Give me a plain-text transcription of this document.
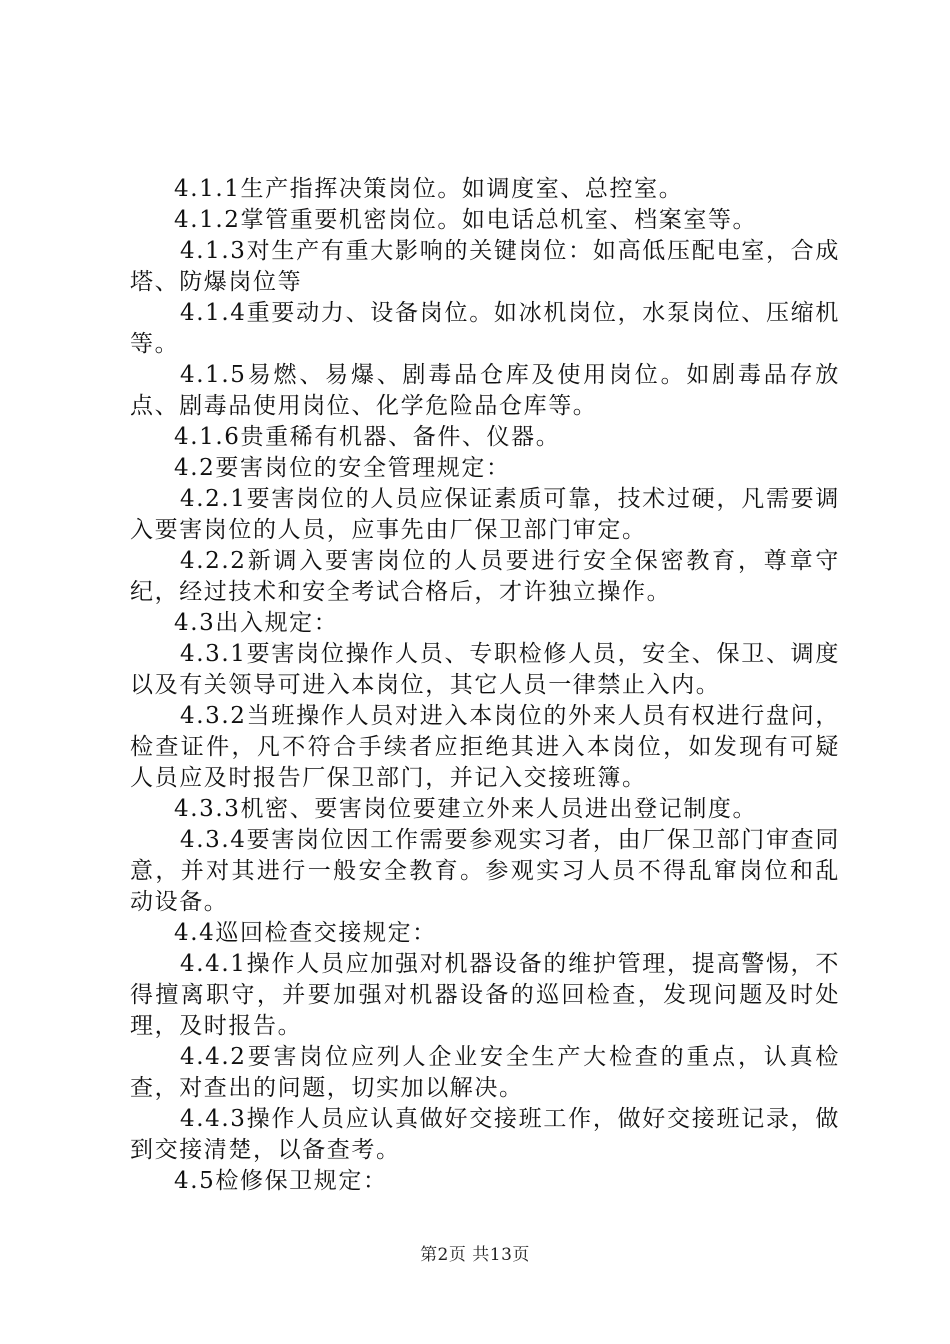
4.1.1生产指挥决策岗位。如调度室、总控室。

4.1.2掌管重要机密岗位。如电话总机室、档案室等。

4.1.3对生产有重大影响的关键岗位：如高低压配电室，合成塔、防爆岗位等

4.1.4重要动力、设备岗位。如冰机岗位，水泵岗位、压缩机等。

4.1.5易燃、易爆、剧毒品仓库及使用岗位。如剧毒品存放点、剧毒品使用岗位、化学危险品仓库等。

4.1.6贵重稀有机器、备件、仪器。

4.2要害岗位的安全管理规定：

4.2.1要害岗位的人员应保证素质可靠，技术过硬，凡需要调入要害岗位的人员，应事先由厂保卫部门审定。

4.2.2新调入要害岗位的人员要进行安全保密教育，尊章守纪，经过技术和安全考试合格后，才许独立操作。

4.3出入规定：

4.3.1要害岗位操作人员、专职检修人员，安全、保卫、调度以及有关领导可进入本岗位，其它人员一律禁止入内。

4.3.2当班操作人员对进入本岗位的外来人员有权进行盘问，检查证件，凡不符合手续者应拒绝其进入本岗位，如发现有可疑人员应及时报告厂保卫部门，并记入交接班簿。

4.3.3机密、要害岗位要建立外来人员进出登记制度。

4.3.4要害岗位因工作需要参观实习者，由厂保卫部门审查同意，并对其进行一般安全教育。参观实习人员不得乱窜岗位和乱动设备。

4.4巡回检查交接规定：

4.4.1操作人员应加强对机器设备的维护管理，提高警惕，不得擅离职守，并要加强对机器设备的巡回检查，发现问题及时处理，及时报告。

4.4.2要害岗位应列人企业安全生产大检查的重点，认真检查，对查出的问题，切实加以解决。

4.4.3操作人员应认真做好交接班工作，做好交接班记录，做到交接清楚，以备查考。

4.5检修保卫规定：

第2页 共13页
